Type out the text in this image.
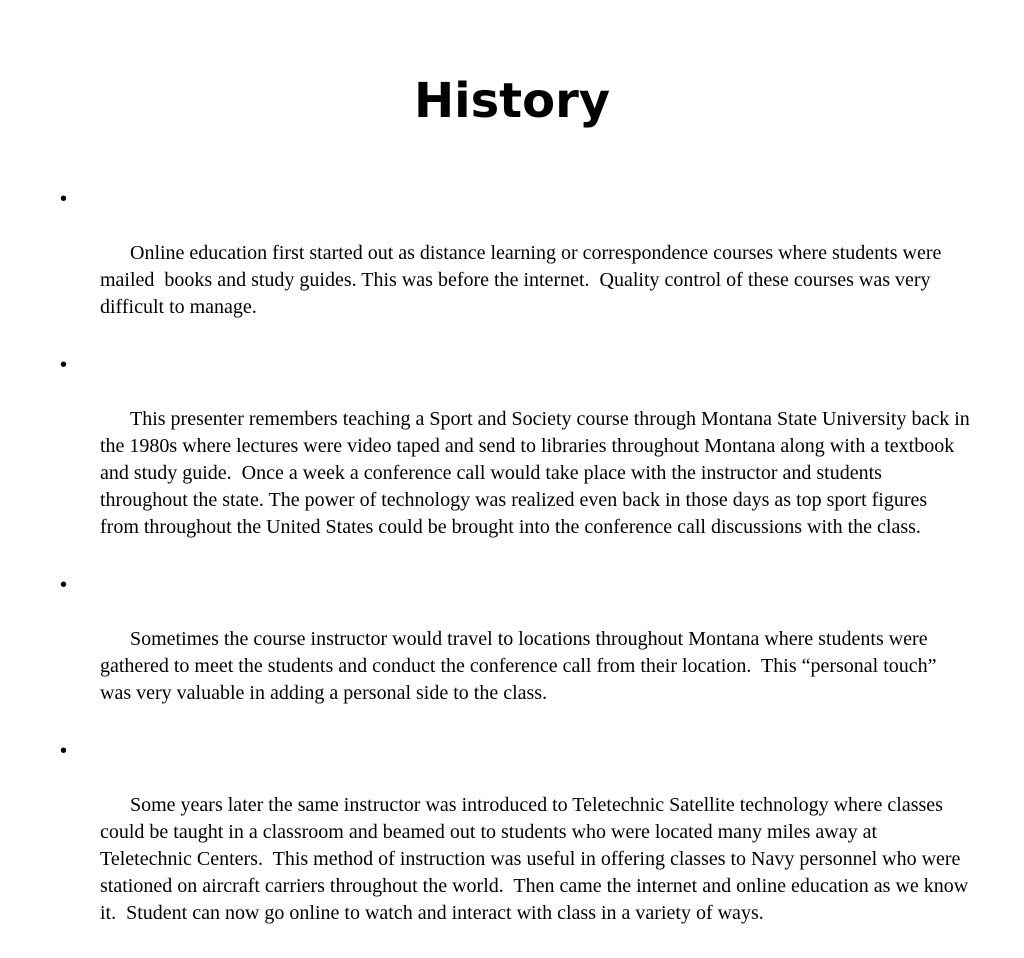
History

•

Online education first started out as distance learning or correspondence courses where students were mailed  books and study guides. This was before the internet.  Quality control of these courses was very difficult to manage.

•

This presenter remembers teaching a Sport and Society course through Montana State University back in the 1980s where lectures were video taped and send to libraries throughout Montana along with a textbook and study guide.  Once a week a conference call would take place with the instructor and students throughout the state. The power of technology was realized even back in those days as top sport figures from throughout the United States could be brought into the conference call discussions with the class.

•

Sometimes the course instructor would travel to locations throughout Montana where students were gathered to meet the students and conduct the conference call from their location.  This “personal touch” was very valuable in adding a personal side to the class.

•

Some years later the same instructor was introduced to Teletechnic Satellite technology where classes could be taught in a classroom and beamed out to students who were located many miles away at Teletechnic Centers.  This method of instruction was useful in offering classes to Navy personnel who were stationed on aircraft carriers throughout the world.  Then came the internet and online education as we know it.  Student can now go online to watch and interact with class in a variety of ways.
